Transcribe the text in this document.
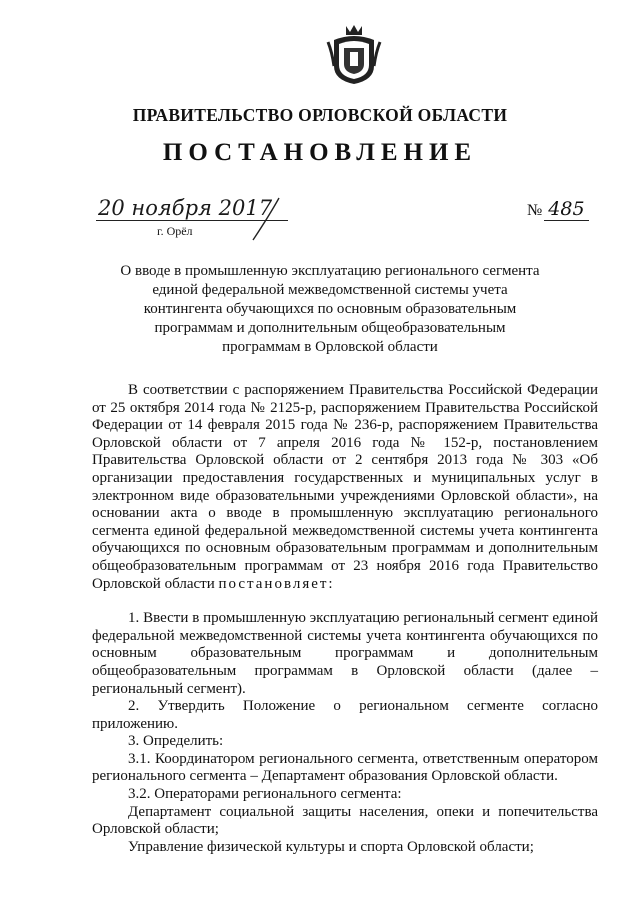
ПРАВИТЕЛЬСТВО ОРЛОВСКОЙ ОБЛАСТИ
ПОСТАНОВЛЕНИЕ
20 ноября 2017
г. Орёл
№ 485
О вводе в промышленную эксплуатацию регионального сегмента единой федеральной межведомственной системы учета контингента обучающихся по основным образовательным программам и дополнительным общеобразовательным программам в Орловской области

В соответствии с распоряжением Правительства Российской Федерации от 25 октября 2014 года № 2125-р, распоряжением Правительства Российской Федерации от 14 февраля 2015 года № 236-р, распоряжением Правительства Орловской области от 7 апреля 2016 года № 152-р, постановлением Правительства Орловской области от 2 сентября 2013 года № 303 «Об организации предоставления государственных и муниципальных услуг в электронном виде образовательными учреждениями Орловской области», на основании акта о вводе в промышленную эксплуатацию регионального сегмента единой федеральной межведомственной системы учета контингента обучающихся по основным образовательным программам и дополнительным общеобразовательным программам от 23 ноября 2016 года Правительство Орловской области постановляет:

1. Ввести в промышленную эксплуатацию региональный сегмент единой федеральной межведомственной системы учета контингента обучающихся по основным образовательным программам и дополнительным общеобразовательным программам в Орловской области (далее – региональный сегмент).

2. Утвердить Положение о региональном сегменте согласно приложению.

3. Определить:

3.1. Координатором регионального сегмента, ответственным оператором регионального сегмента – Департамент образования Орловской области.

3.2. Операторами регионального сегмента:

Департамент социальной защиты населения, опеки и попечительства Орловской области;

Управление физической культуры и спорта Орловской области;
